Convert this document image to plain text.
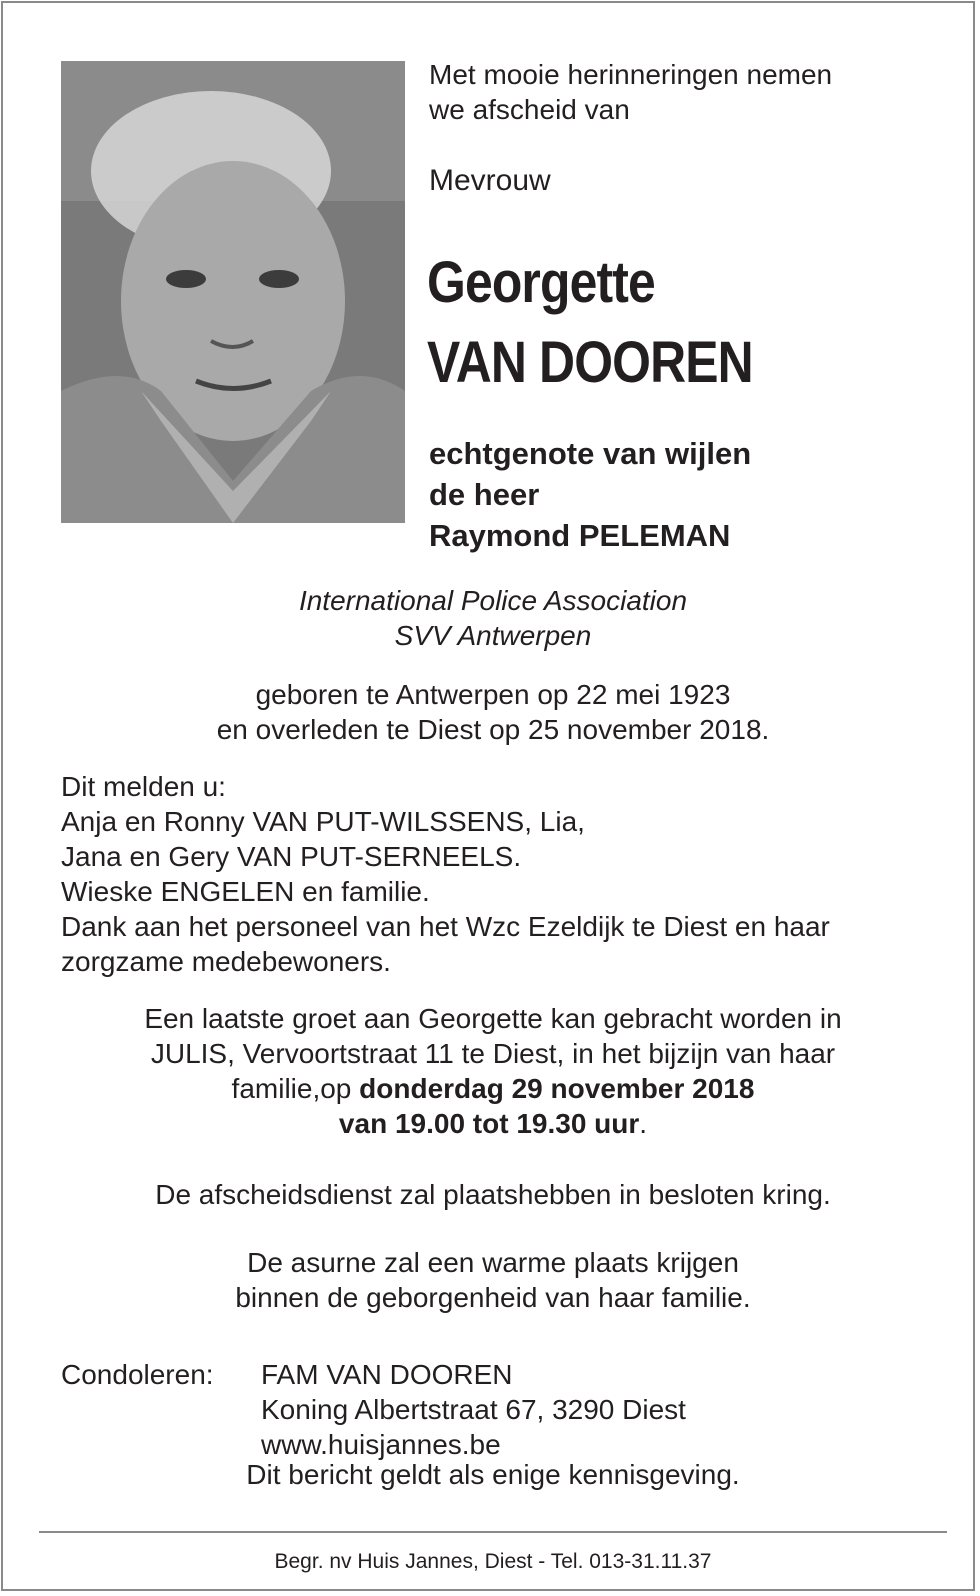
Met mooie herinneringen nemen
we afscheid van
Mevrouw
Georgette
VAN DOOREN
echtgenote van wijlen
de heer
Raymond PELEMAN
International Police Association
SVV Antwerpen
geboren te Antwerpen op 22 mei 1923
en overleden te Diest op 25 november 2018.
Dit melden u:
Anja en Ronny VAN PUT-WILSSENS, Lia,
Jana en Gery VAN PUT-SERNEELS.
Wieske ENGELEN en familie.
Dank aan het personeel van het Wzc Ezeldijk te Diest en haar
zorgzame medebewoners.
Een laatste groet aan Georgette kan gebracht worden in
JULIS, Vervoortstraat 11 te Diest, in het bijzijn van haar
familie,op donderdag 29 november 2018
van 19.00 tot 19.30 uur.
De afscheidsdienst zal plaatshebben in besloten kring.
De asurne zal een warme plaats krijgen
binnen de geborgenheid van haar familie.
Condoleren: FAM VAN DOOREN
Koning Albertstraat 67, 3290 Diest
www.huisjannes.be
Dit bericht geldt als enige kennisgeving.
Begr. nv Huis Jannes, Diest - Tel. 013-31.11.37
